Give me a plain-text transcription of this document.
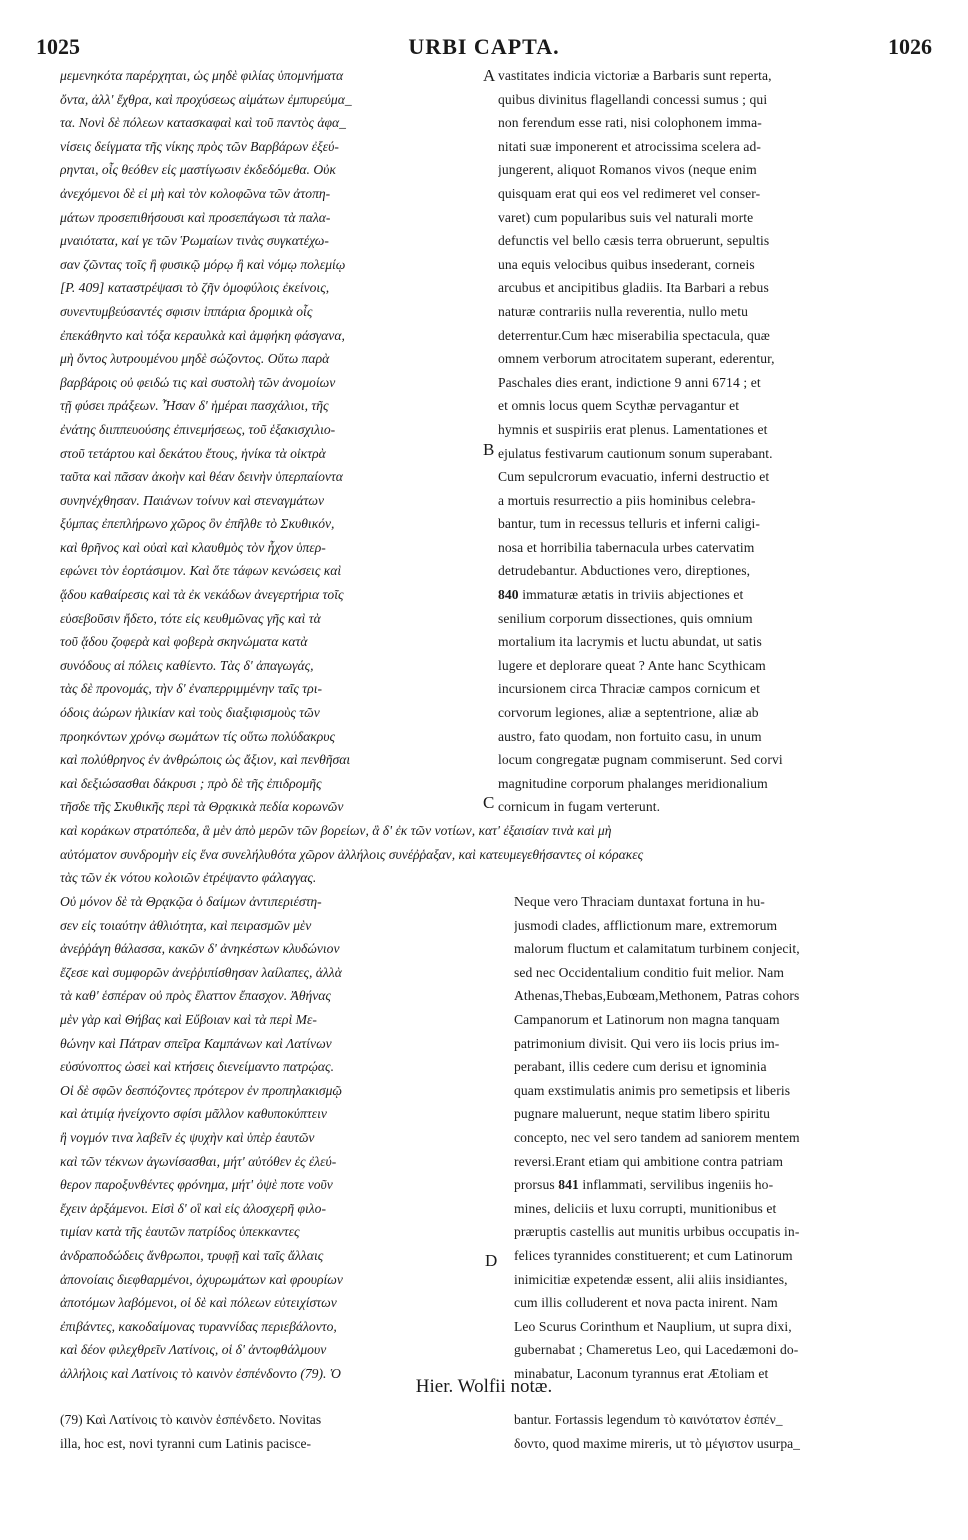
1025	URBI CAPTA.	1026
μεμενηκότα παρέρχηται, ὡς μηδὲ φιλίας ὑπομνήματα
ὄντα, ἀλλ' ἔχθρα, καὶ προχύσεως αἱμάτων ἐμπυρεύμα_
τα. Νονὶ δὲ πόλεων κατασκαφαὶ καὶ τοῦ παντὸς ἀφα_
νίσεις δείγματα τῆς νίκης πρὸς τῶν Βαρβάρων ἐξεύ-
ρηνται, οἷς θεόθεν εἰς μαστίγωσιν ἐκδεδόμεθα. Οὐκ
ἀνεχόμενοι δὲ εἰ μὴ καὶ τὸν κολοφῶνα τῶν ἀτοπη-
μάτων προσεπιθήσουσι καὶ προσεπάγωσι τὰ παλα-
μναιότατα, καί γε τῶν Ῥωμαίων τινὰς συγκατέχω-
σαν ζῶντας τοῖς ἢ φυσικῷ μόρῳ ἢ καὶ νόμῳ πολεμίῳ
[Ρ. 409] καταστρέψασι τὸ ζῆν ὁμοφύλοις ἐκείνοις,
συνεντυμβεύσαντές σφισιν ἱππάρια δρομικὰ οἷς
ἐπεκάθηντο καὶ τόξα κεραυλκὰ καὶ ἀμφήκη φάσγανα,
μὴ ὄντος λυτρουμένου μηδὲ σώζοντος. Οὕτω παρὰ
βαρβάροις οὐ φειδώ τις καὶ συστολὴ τῶν ἀνομοίων
τῇ φύσει πράξεων. Ἦσαν δ' ἡμέραι πασχάλιοι, τῆς
ἐνάτης διιππευούσης ἐπινεμήσεως, τοῦ ἑξακισχιλιο-
στοῦ τετάρτου καὶ δεκάτου ἔτους, ἡνίκα τὰ οἰκτρὰ
ταῦτα καὶ πᾶσαν ἀκοὴν καὶ θέαν δεινὴν ὑπερπαίοντα
συνηνέχθησαν. Παιάνων τοίνυν καὶ στεναγμάτων
ξύμπας ἐπεπλήρωνο χῶρος ὃν ἐπῆλθε τὸ Σκυθικόν,
καὶ θρῆνος καὶ οὐαὶ καὶ κλαυθμὸς τὸν ἦχον ὑπερ-
εφώνει τὸν ἑορτάσιμον. Καὶ ὅτε τάφων κενώσεις καὶ
ᾅδου καθαίρεσις καὶ τὰ ἐκ νεκάδων ἀνεγερτήρια τοῖς
εὐσεβοῦσιν ἤδετο, τότε εἰς κευθμῶνας γῆς καὶ τὰ
τοῦ ᾅδου ζοφερὰ καὶ φοβερὰ σκηνώματα κατὰ
συνόδους αἱ πόλεις καθίεντο. Τὰς δ' ἀπαγωγάς,
τὰς δὲ προνομάς, τὴν δ' ἐναπερριμμένην ταῖς τρι-
όδοις ἀώρων ἡλικίαν καὶ τοὺς διαξιφισμοὺς τῶν
προηκόντων χρόνῳ σωμάτων τίς οὕτω πολύδακρυς
καὶ πολύθρηνος ἐν ἀνθρώποις ὡς ἄξιον, καὶ πενθῆσαι
καὶ δεξιώσασθαι δάκρυσι ; πρὸ δὲ τῆς ἐπιδρομῆς
τῆσδε τῆς Σκυθικῆς περὶ τὰ Θρᾳκικὰ πεδία κορωνῶν
vastitates indicia victoriæ a Barbaris sunt reperta,
quibus divinitus flagellandi concessi sumus ; qui
non ferendum esse rati, nisi colophonem imma-
nitati suæ imponerent et atrocissima scelera ad-
jungerent, aliquot Romanos vivos (neque enim
quisquam erat qui eos vel redimeret vel conser-
varet) cum popularibus suis vel naturali morte
defunctis vel bello cæsis terra obruerunt, sepultis
una equis velocibus quibus insederant, corneis
arcubus et ancipitibus gladiis. Ita Barbari a rebus
naturæ contrariis nulla reverentia, nullo metu
deterrentur.Cum hæc miserabilia spectacula, quæ
omnem verborum atrocitatem superant, ederentur,
Paschales dies erant, indictione 9 anni 6714 ; et
et omnis locus quem Scythæ pervagantur et
hymnis et suspiriis erat plenus. Lamentationes et
ejulatus festivarum cautionum sonum superabant.
Cum sepulcrorum evacuatio, inferni destructio et
a mortuis resurrectio a piis hominibus celebra-
bantur, tum in recessus telluris et inferni caligi-
nosa et horribilia tabernacula urbes catervatim
detrudebantur. Abductiones vero, direptiones,
840 immaturæ ætatis in triviis abjectiones et
senilium corporum dissectiones, quis omnium
mortalium ita lacrymis et luctu abundat, ut satis
lugere et deplorare queat ? Ante hanc Scythicam
incursionem circa Thraciæ campos cornicum et
corvorum legiones, aliæ a septentrione, aliæ ab
austro, fato quodam, non fortuito casu, in unum
locum congregatæ pugnam commiserunt. Sed corvi
magnitudine corporum phalanges meridionalium
cornicum in fugam verterunt.
A
B
C
D
καὶ κοράκων στρατόπεδα, ἃ μὲν ἀπὸ μερῶν τῶν βορείων, ἃ δ' ἐκ τῶν νοτίων, κατ' ἐξαισίαν τινὰ καὶ μὴ
αὐτόματον συνδρομὴν εἰς ἕνα συνελήλυθότα χῶρον ἀλλήλοις συνέῤῥαξαν, καὶ κατευμεγεθήσαντες οἱ κόρακες
τὰς τῶν ἐκ νότου κολοιῶν ἐτρέψαντο φάλαγγας.
Οὐ μόνον δὲ τὰ Θρᾳκῷα ὁ δαίμων ἀντιπεριέστη-
σεν εἰς τοιαύτην ἀθλιότητα, καὶ πειρασμῶν μὲν
ἀνεῤῥάγη θάλασσα, κακῶν δ' ἀνηκέστων κλυδώνιον
ἔζεσε καὶ συμφορῶν ἀνεῤῥιπίσθησαν λαίλαπες, ἀλλὰ
τὰ καθ' ἑσπέραν οὐ πρὸς ἔλαττον ἔπασχον. Ἀθήνας
μὲν γὰρ καὶ Θήβας καὶ Εὔβοιαν καὶ τὰ περὶ Με-
θώνην καὶ Πάτραν σπεῖρα Καμπάνων καὶ Λατίνων
εὐσύνοπτος ὡσεὶ καὶ κτήσεις διενείμαντο πατρῴας.
Οἱ δὲ σφῶν δεσπόζοντες πρότερον ἐν προπηλακισμῷ
καὶ ἀτιμίᾳ ἡνείχοντο σφίσι μᾶλλον καθυποκύπτειν
ἢ νογμόν τινα λαβεῖν ἐς ψυχὴν καὶ ὑπὲρ ἑαυτῶν
καὶ τῶν τέκνων ἀγωνίσασθαι, μήτ' αὐτόθεν ἐς ἐλεύ-
θερον παροξυνθέντες φρόνημα, μήτ' ὀψὲ ποτε νοῦν
ἔχειν ἀρξάμενοι. Εἰσὶ δ' οἳ καὶ εἰς ἀλοσχερῆ φιλο-
τιμίαν κατὰ τῆς ἑαυτῶν πατρίδος ὑπεκκαντες
ἀνδραποδώδεις ἄνθρωποι, τρυφῇ καὶ ταῖς ἄλλαις
ἀπονοίαις διεφθαρμένοι, ὀχυρωμάτων καὶ φρουρίων
ἀποτόμων λαβόμενοι, οἱ δὲ καὶ πόλεων εὐτειχίστων
ἐπιβάντες, κακοδαίμονας τυραννίδας περιεβάλοντο,
καὶ δέον φιλεχθρεῖν Λατίνοις, οἱ δ' ἀντοφθάλμουν
ἀλλήλοις καὶ Λατίνοις τὸ καινὸν ἐσπένδοντο (79). Ὁ
Neque vero Thraciam duntaxat fortuna in hu-
jusmodi clades, afflictionum mare, extremorum
malorum fluctum et calamitatum turbinem conjecit,
sed nec Occidentalium conditio fuit melior. Nam
Athenas,Thebas,Eubœam,Methonem, Patras cohors
Campanorum et Latinorum non magna tanquam
patrimonium divisit. Qui vero iis locis prius im-
perabant, illis cedere cum derisu et ignominia
quam exstimulatis animis pro semetipsis et liberis
pugnare maluerunt, neque statim libero spiritu
concepto, nec vel sero tandem ad saniorem mentem
reversi.Erant etiam qui ambitione contra patriam
prorsus 841 inflammati, servilibus ingeniis ho-
mines, deliciis et luxu corrupti, munitionibus et
præruptis castellis aut munitis urbibus occupatis in-
felices tyrannides constituerent; et cum Latinorum
inimicitiæ expetendæ essent, alii aliis insidiantes,
cum illis colluderent et nova pacta inirent. Nam
Leo Scurus Corinthum et Nauplium, ut supra dixi,
gubernabat ; Chameretus Leo, qui Lacedæmoni do-
minabatur, Laconum tyrannus erat Ætoliam et
Hier. Wolfii notæ.
(79) Καὶ Λατίνοις τὸ καινὸν ἐσπένδετο. Novitas
illa, hoc est, novi tyranni cum Latinis pacisce-
bantur. Fortassis legendum τὸ καινότατον ἐσπέν_
δοντο, quod maxime mireris, ut τὸ μέγιστον usurpa_
